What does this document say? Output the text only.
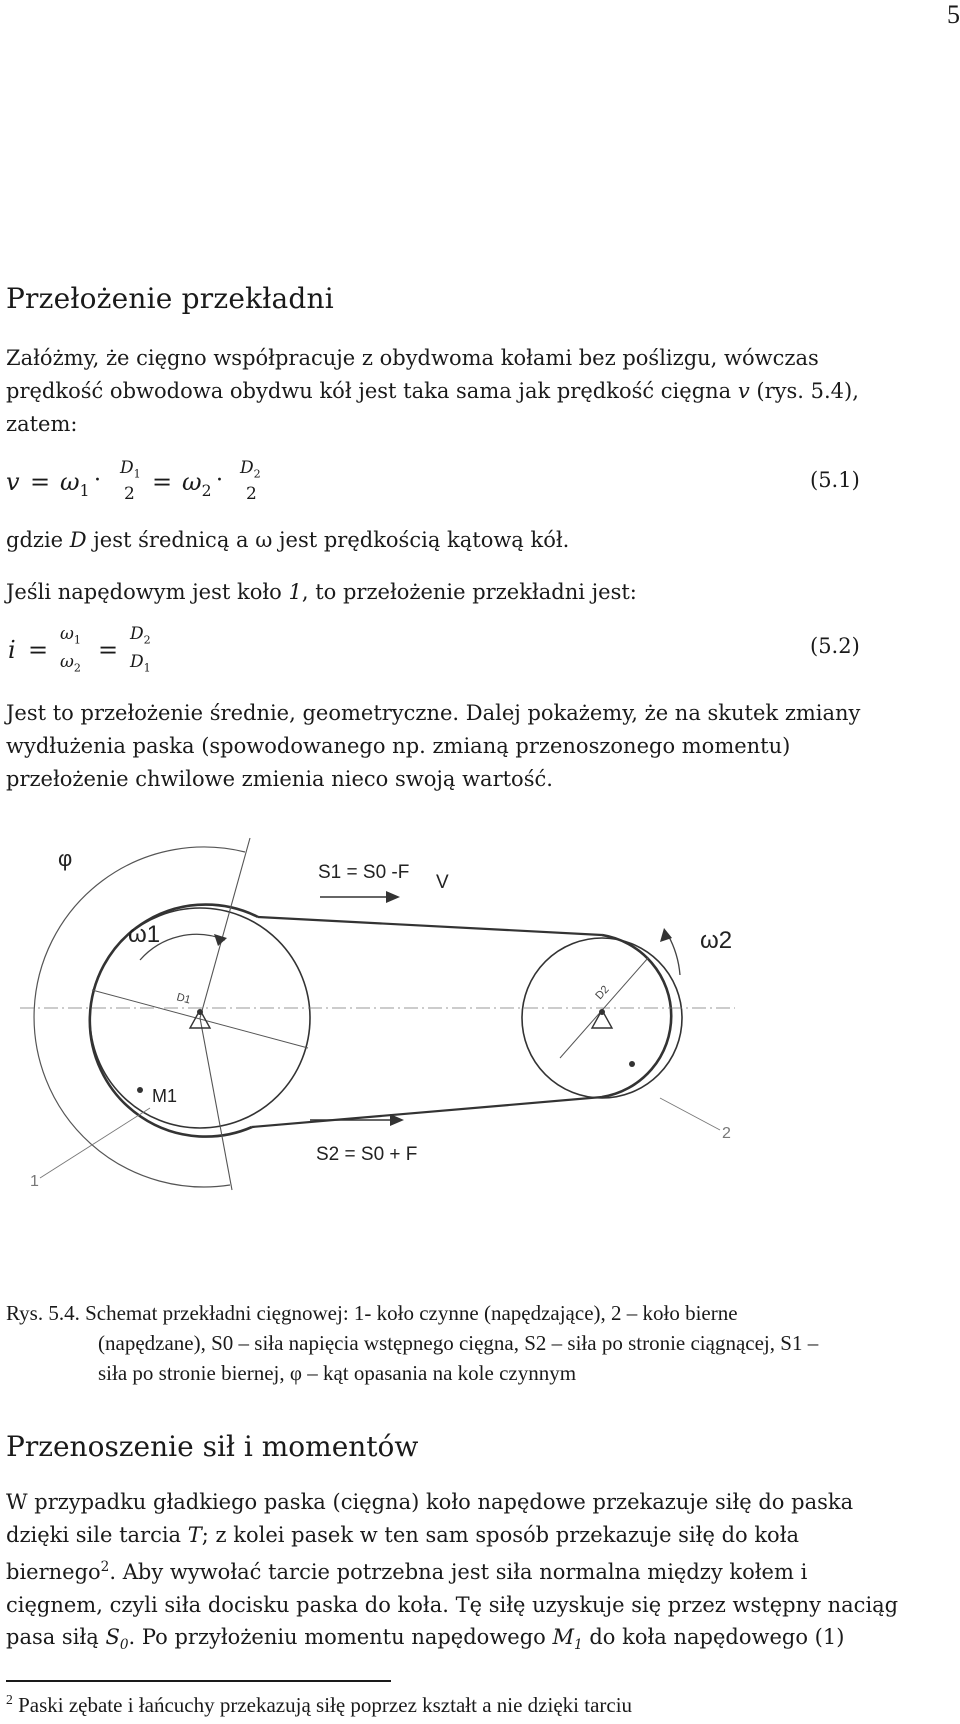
5
Przełożenie przekładni
Załóżmy, że cięgno współpracuje z obydwoma kołami bez poślizgu, wówczas
prędkość obwodowa obydwu kół jest taka sama jak prędkość cięgna v (rys. 5.4),
zatem:
$v = \omega_1 \cdot D_1$
$2 = \omega_2 \cdot D_2$
2
(5.1)
gdzie D jest średnicą a ω jest prędkością kątową kół.
Jeśli napędowym jest koło 1, to przełożenie przekładni jest:
i =
$\omega_1$
$\omega_2$
=
$D_2$
$D_1$
(5.2)
Jest to przełożenie średnie, geometryczne. Dalej pokażemy, że na skutek zmiany
wydłużenia paska (spowodowanego np. zmianą przenoszonego momentu)
przełożenie chwilowe zmienia nieco swoją wartość.
φ
S1 = S0 -F V
ω1	ω2
D1	D2
M1
S2 = S0 + F
1
2
Rys. 5.4. Schemat przekładni cięgnowej: 1- koło czynne (napędzające), 2 – koło bierne
(napędzane), S0 – siła napięcia wstępnego cięgna, S2 – siła po stronie ciągnącej, S1 –
siła po stronie biernej, φ – kąt opasania na kole czynnym
Przenoszenie sił i momentów
W przypadku gładkiego paska (cięgna) koło napędowe przekazuje siłę do paska
dzięki sile tarcia T; z kolei pasek w ten sam sposób przekazuje siłę do koła
biernego$^2$. Aby wywołać tarcie potrzebna jest siła normalna między kołem i
cięgnem, czyli siła docisku paska do koła. Tę siłę uzyskuje się przez wstępny naciąg
pasa siłą $S_0$. Po przyłożeniu momentu napędowego $M_1$ do koła napędowego (1)
$^2$ Paski zębate i łańcuchy przekazują siłę poprzez kształt a nie dzięki tarciu
